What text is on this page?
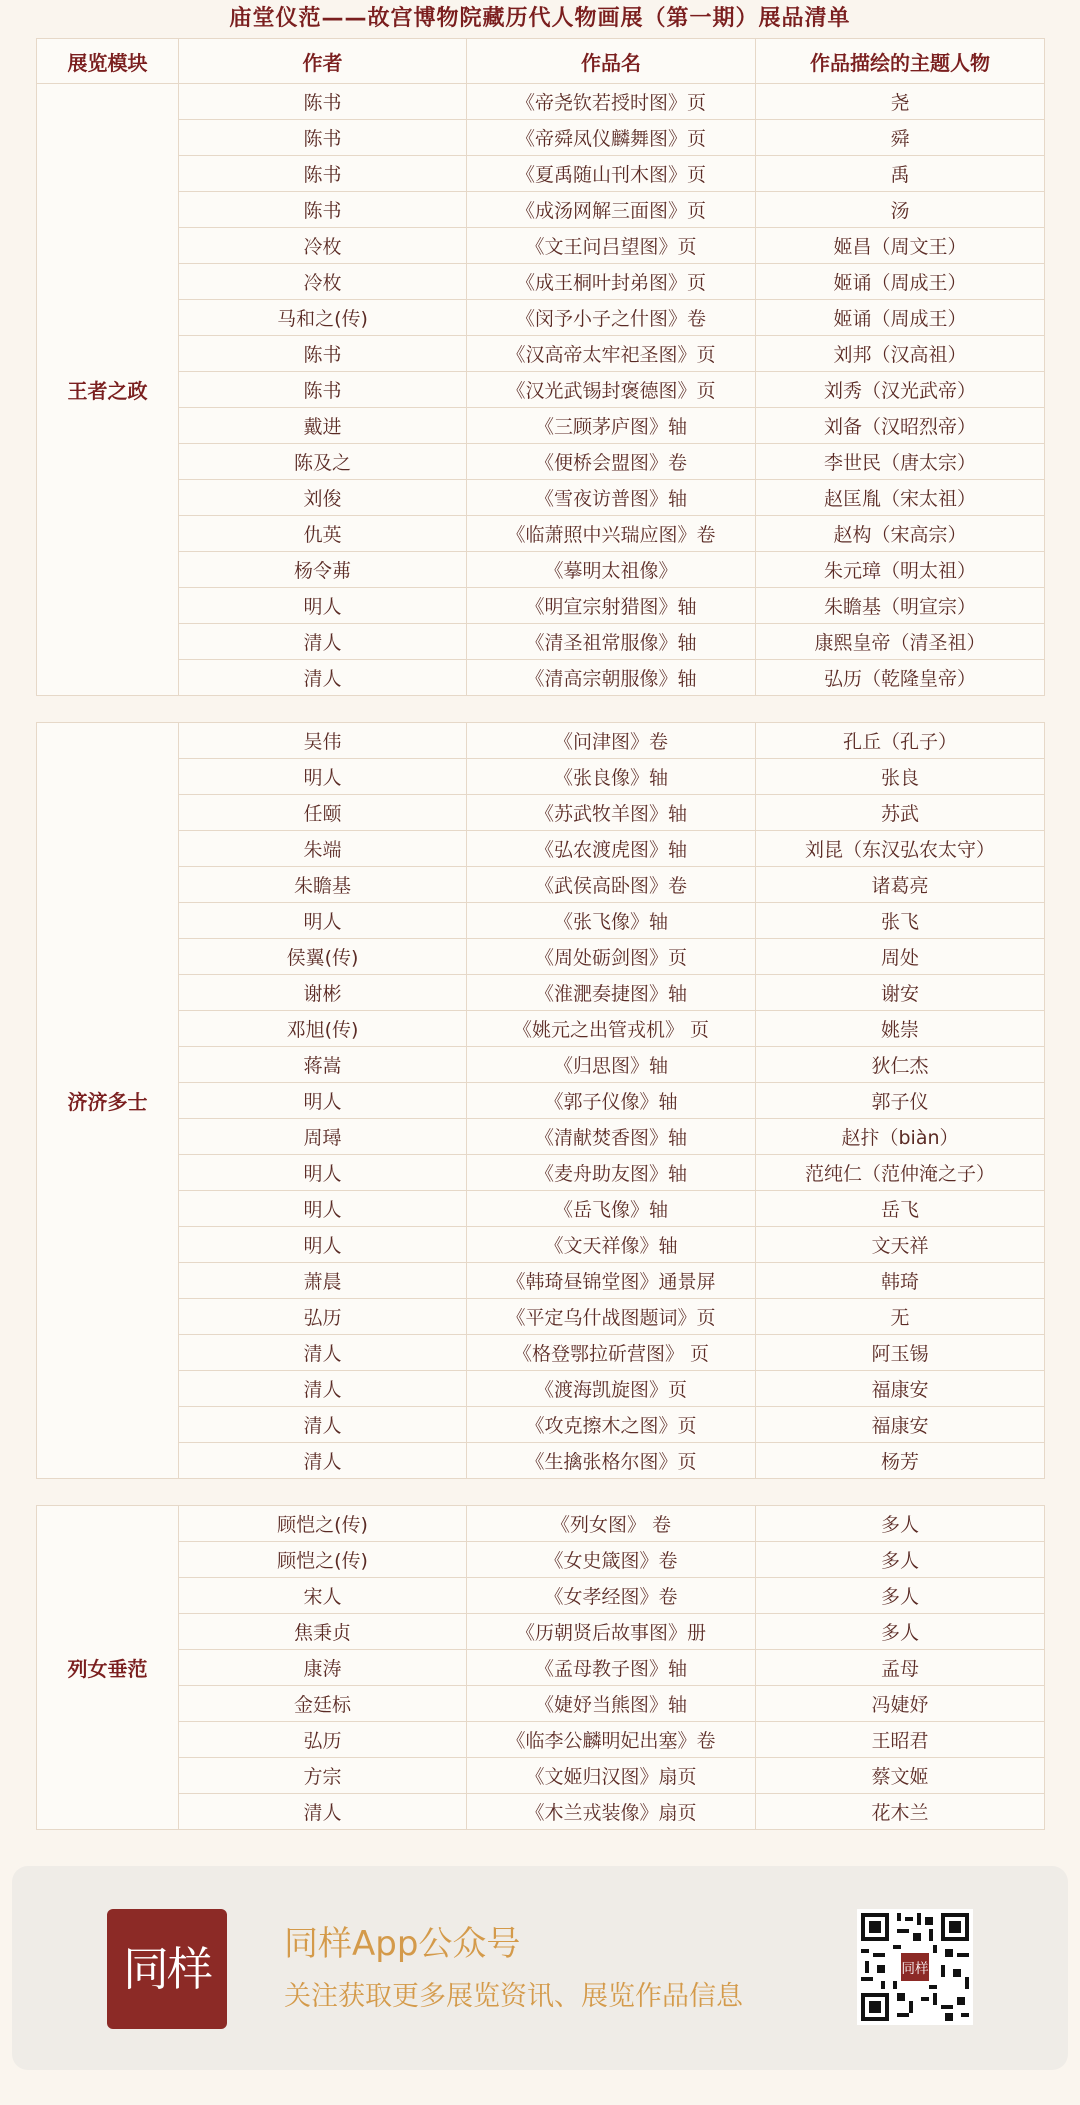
庙堂仪范——故宫博物院藏历代人物画展（第一期）展品清单
展览模块	作者	作品名	作品描绘的主题人物
王者之政	陈书	《帝尧钦若授时图》页	尧
	陈书	《帝舜凤仪麟舞图》页	舜
	陈书	《夏禹随山刊木图》页	禹
	陈书	《成汤网解三面图》页	汤
	冷枚	《文王问吕望图》页	姬昌（周文王）
	冷枚	《成王桐叶封弟图》页	姬诵（周成王）
	马和之(传)	《闵予小子之什图》卷	姬诵（周成王）
	陈书	《汉高帝太牢祀圣图》页	刘邦（汉高祖）
	陈书	《汉光武锡封褒德图》页	刘秀（汉光武帝）
	戴进	《三顾茅庐图》轴	刘备（汉昭烈帝）
	陈及之	《便桥会盟图》卷	李世民（唐太宗）
	刘俊	《雪夜访普图》轴	赵匡胤（宋太祖）
	仇英	《临萧照中兴瑞应图》卷	赵构（宋高宗）
	杨令茀	《摹明太祖像》	朱元璋（明太祖）
	明人	《明宣宗射猎图》轴	朱瞻基（明宣宗）
	清人	《清圣祖常服像》轴	康熙皇帝（清圣祖）
	清人	《清高宗朝服像》轴	弘历（乾隆皇帝）
济济多士	吴伟	《问津图》卷	孔丘（孔子）
	明人	《张良像》轴	张良
	任颐	《苏武牧羊图》轴	苏武
	朱端	《弘农渡虎图》轴	刘昆（东汉弘农太守）
	朱瞻基	《武侯高卧图》卷	诸葛亮
	明人	《张飞像》轴	张飞
	侯翼(传)	《周处砺剑图》页	周处
	谢彬	《淮淝奏捷图》轴	谢安
	邓旭(传)	《姚元之出管戎机》 页	姚崇
	蒋嵩	《归思图》轴	狄仁杰
	明人	《郭子仪像》轴	郭子仪
	周璕	《清献焚香图》轴	赵抃（biàn）
	明人	《麦舟助友图》轴	范纯仁（范仲淹之子）
	明人	《岳飞像》轴	岳飞
	明人	《文天祥像》轴	文天祥
	萧晨	《韩琦昼锦堂图》通景屏	韩琦
	弘历	《平定乌什战图题词》页	无
	清人	《格登鄂拉斫营图》 页	阿玉锡
	清人	《渡海凯旋图》页	福康安
	清人	《攻克擦木之图》页	福康安
	清人	《生擒张格尔图》页	杨芳
列女垂范	顾恺之(传)	《列女图》 卷	多人
	顾恺之(传)	《女史箴图》卷	多人
	宋人	《女孝经图》卷	多人
	焦秉贞	《历朝贤后故事图》册	多人
	康涛	《孟母教子图》轴	孟母
	金廷标	《婕妤当熊图》轴	冯婕妤
	弘历	《临李公麟明妃出塞》卷	王昭君
	方宗	《文姬归汉图》扇页	蔡文姬
	清人	《木兰戎装像》扇页	花木兰
同样	同样App公众号
关注获取更多展览资讯、展览作品信息
同样
